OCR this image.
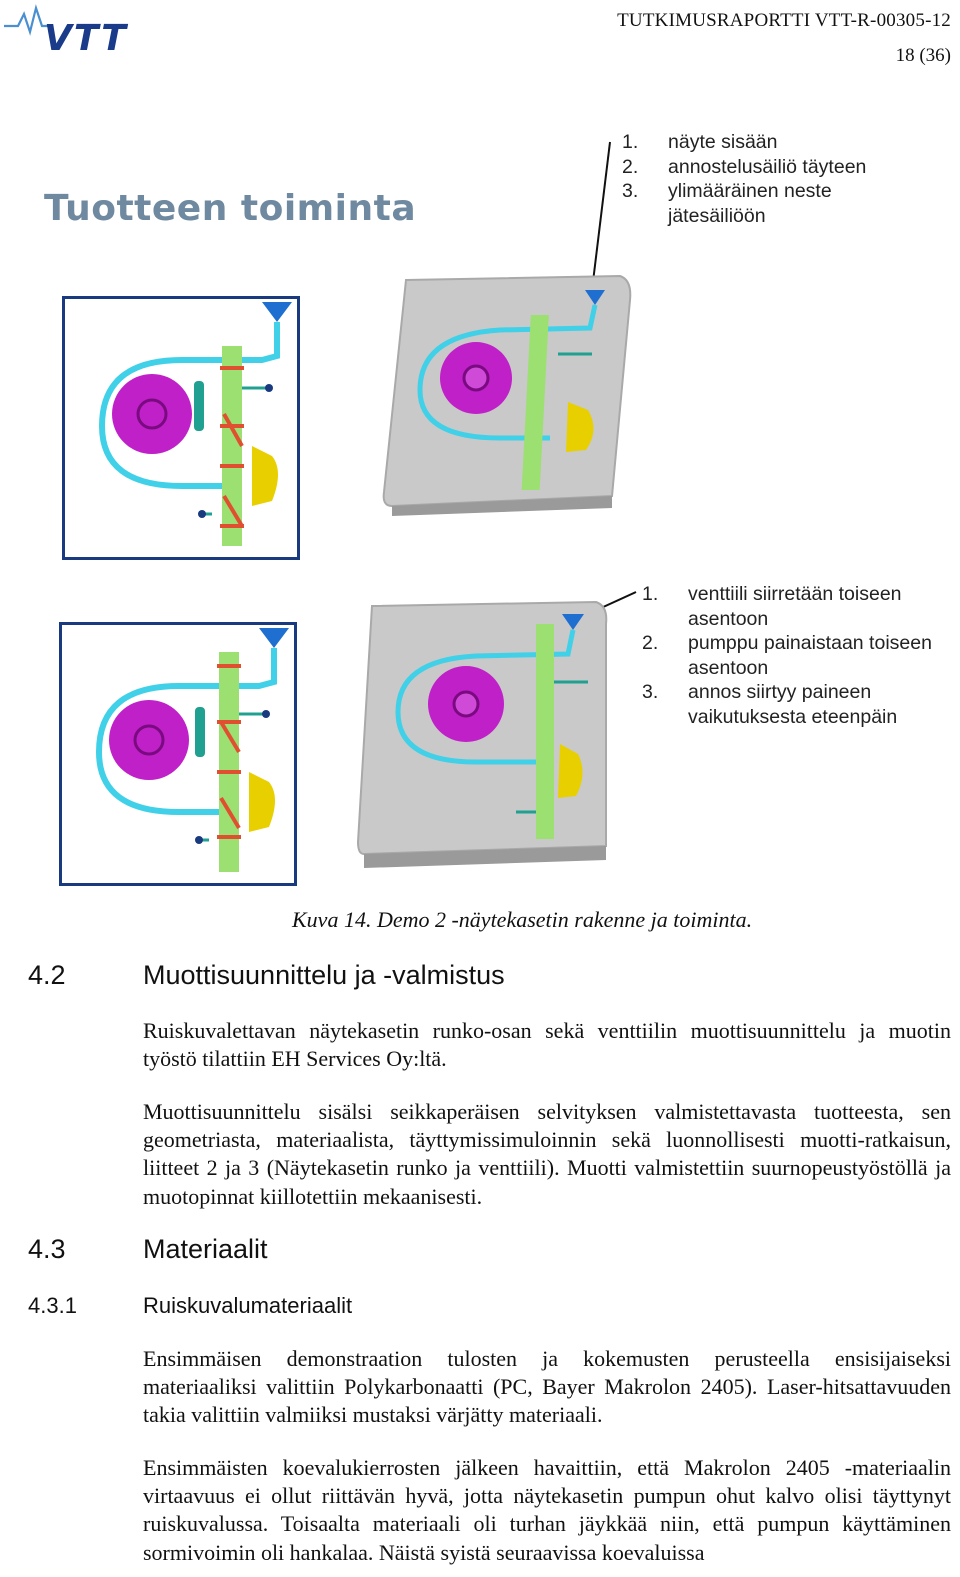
VTT	TUTKIMUSRAPORTTI VTT-R-00305-12
18 (36)
Tuotteen toiminta
1.	näyte sisään
2.	annostelusäiliö täyteen
3.	ylimääräinen neste
jätesäiliöön
1.	venttiili siirretään toiseen
asentoon
2.	pumppu painaistaan toiseen
asentoon
3.	annos siirtyy paineen
vaikutuksesta eteenpäin
Kuva 14. Demo 2 -näytekasetin rakenne ja toiminta.
4.2	Muottisuunnittelu ja -valmistus
Ruiskuvalettavan näytekasetin runko-osan sekä venttiilin muottisuunnittelu ja muotin työstö tilattiin EH Services Oy:ltä.
Muottisuunnittelu sisälsi seikkaperäisen selvityksen valmistettavasta tuotteesta, sen geometriasta, materiaalista, täyttymissimuloinnin sekä luonnollisesti muotti-ratkaisun, liitteet 2 ja 3 (Näytekasetin runko ja venttiili). Muotti valmistettiin suurnopeustyöstöllä ja muotopinnat kiillotettiin mekaanisesti.
4.3	Materiaalit
4.3.1	Ruiskuvalumateriaalit
Ensimmäisen demonstraation tulosten ja kokemusten perusteella ensisijaiseksi materiaaliksi valittiin Polykarbonaatti (PC, Bayer Makrolon 2405). Laser-hitsattavuuden takia valittiin valmiiksi mustaksi värjätty materiaali.
Ensimmäisten koevalukierrosten jälkeen havaittiin, että Makrolon 2405 -materiaalin virtaavuus ei ollut riittävän hyvä, jotta näytekasetin pumpun ohut kalvo olisi täyttynyt ruiskuvalussa. Toisaalta materiaali oli turhan jäykkää niin, että pumpun käyttäminen sormivoimin oli hankalaa. Näistä syistä seuraavissa koevaluissa
